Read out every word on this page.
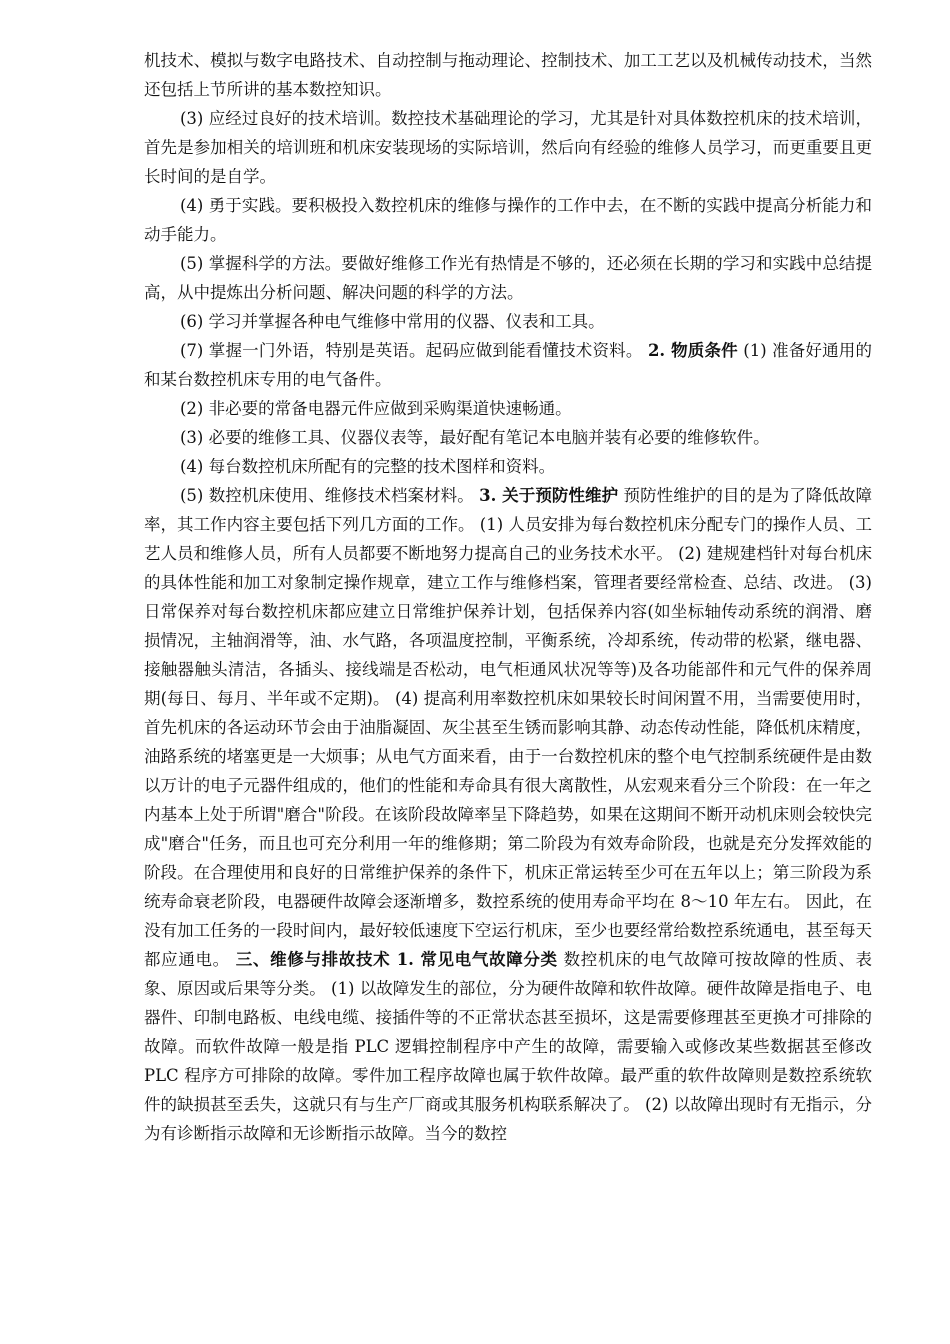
机技术、模拟与数字电路技术、自动控制与拖动理论、控制技术、加工工艺以及机械传动技术，当然还包括上节所讲的基本数控知识。

(3) 应经过良好的技术培训。数控技术基础理论的学习，尤其是针对具体数控机床的技术培训，首先是参加相关的培训班和机床安装现场的实际培训，然后向有经验的维修人员学习，而更重要且更长时间的是自学。

(4) 勇于实践。要积极投入数控机床的维修与操作的工作中去，在不断的实践中提高分析能力和动手能力。

(5) 掌握科学的方法。要做好维修工作光有热情是不够的，还必须在长期的学习和实践中总结提高，从中提炼出分析问题、解决问题的科学的方法。

(6) 学习并掌握各种电气维修中常用的仪器、仪表和工具。

(7) 掌握一门外语，特别是英语。起码应做到能看懂技术资料。 2. 物质条件 (1) 准备好通用的和某台数控机床专用的电气备件。

(2) 非必要的常备电器元件应做到采购渠道快速畅通。

(3) 必要的维修工具、仪器仪表等，最好配有笔记本电脑并装有必要的维修软件。

(4) 每台数控机床所配有的完整的技术图样和资料。

(5) 数控机床使用、维修技术档案材料。 3. 关于预防性维护 预防性维护的目的是为了降低故障率，其工作内容主要包括下列几方面的工作。 (1) 人员安排为每台数控机床分配专门的操作人员、工艺人员和维修人员，所有人员都要不断地努力提高自己的业务技术水平。 (2) 建规建档针对每台机床的具体性能和加工对象制定操作规章，建立工作与维修档案，管理者要经常检查、总结、改进。 (3) 日常保养对每台数控机床都应建立日常维护保养计划，包括保养内容(如坐标轴传动系统的润滑、磨损情况，主轴润滑等，油、水气路，各项温度控制，平衡系统，冷却系统，传动带的松紧，继电器、接触器触头清洁，各插头、接线端是否松动，电气柜通风状况等等)及各功能部件和元气件的保养周期(每日、每月、半年或不定期)。 (4) 提高利用率数控机床如果较长时间闲置不用，当需要使用时，首先机床的各运动环节会由于油脂凝固、灰尘甚至生锈而影响其静、动态传动性能，降低机床精度，油路系统的堵塞更是一大烦事；从电气方面来看，由于一台数控机床的整个电气控制系统硬件是由数以万计的电子元器件组成的，他们的性能和寿命具有很大离散性，从宏观来看分三个阶段：在一年之内基本上处于所谓"磨合"阶段。在该阶段故障率呈下降趋势，如果在这期间不断开动机床则会较快完成"磨合"任务，而且也可充分利用一年的维修期；第二阶段为有效寿命阶段，也就是充分发挥效能的阶段。在合理使用和良好的日常维护保养的条件下，机床正常运转至少可在五年以上；第三阶段为系统寿命衰老阶段，电器硬件故障会逐渐增多，数控系统的使用寿命平均在 8～10 年左右。 因此，在没有加工任务的一段时间内，最好较低速度下空运行机床，至少也要经常给数控系统通电，甚至每天都应通电。 三、维修与排故技术 1. 常见电气故障分类 数控机床的电气故障可按故障的性质、表象、原因或后果等分类。 (1) 以故障发生的部位，分为硬件故障和软件故障。硬件故障是指电子、电器件、印制电路板、电线电缆、接插件等的不正常状态甚至损坏，这是需要修理甚至更换才可排除的故障。而软件故障一般是指 PLC 逻辑控制程序中产生的故障，需要输入或修改某些数据甚至修改 PLC 程序方可排除的故障。零件加工程序故障也属于软件故障。最严重的软件故障则是数控系统软件的缺损甚至丢失，这就只有与生产厂商或其服务机构联系解决了。 (2) 以故障出现时有无指示，分为有诊断指示故障和无诊断指示故障。当今的数控
